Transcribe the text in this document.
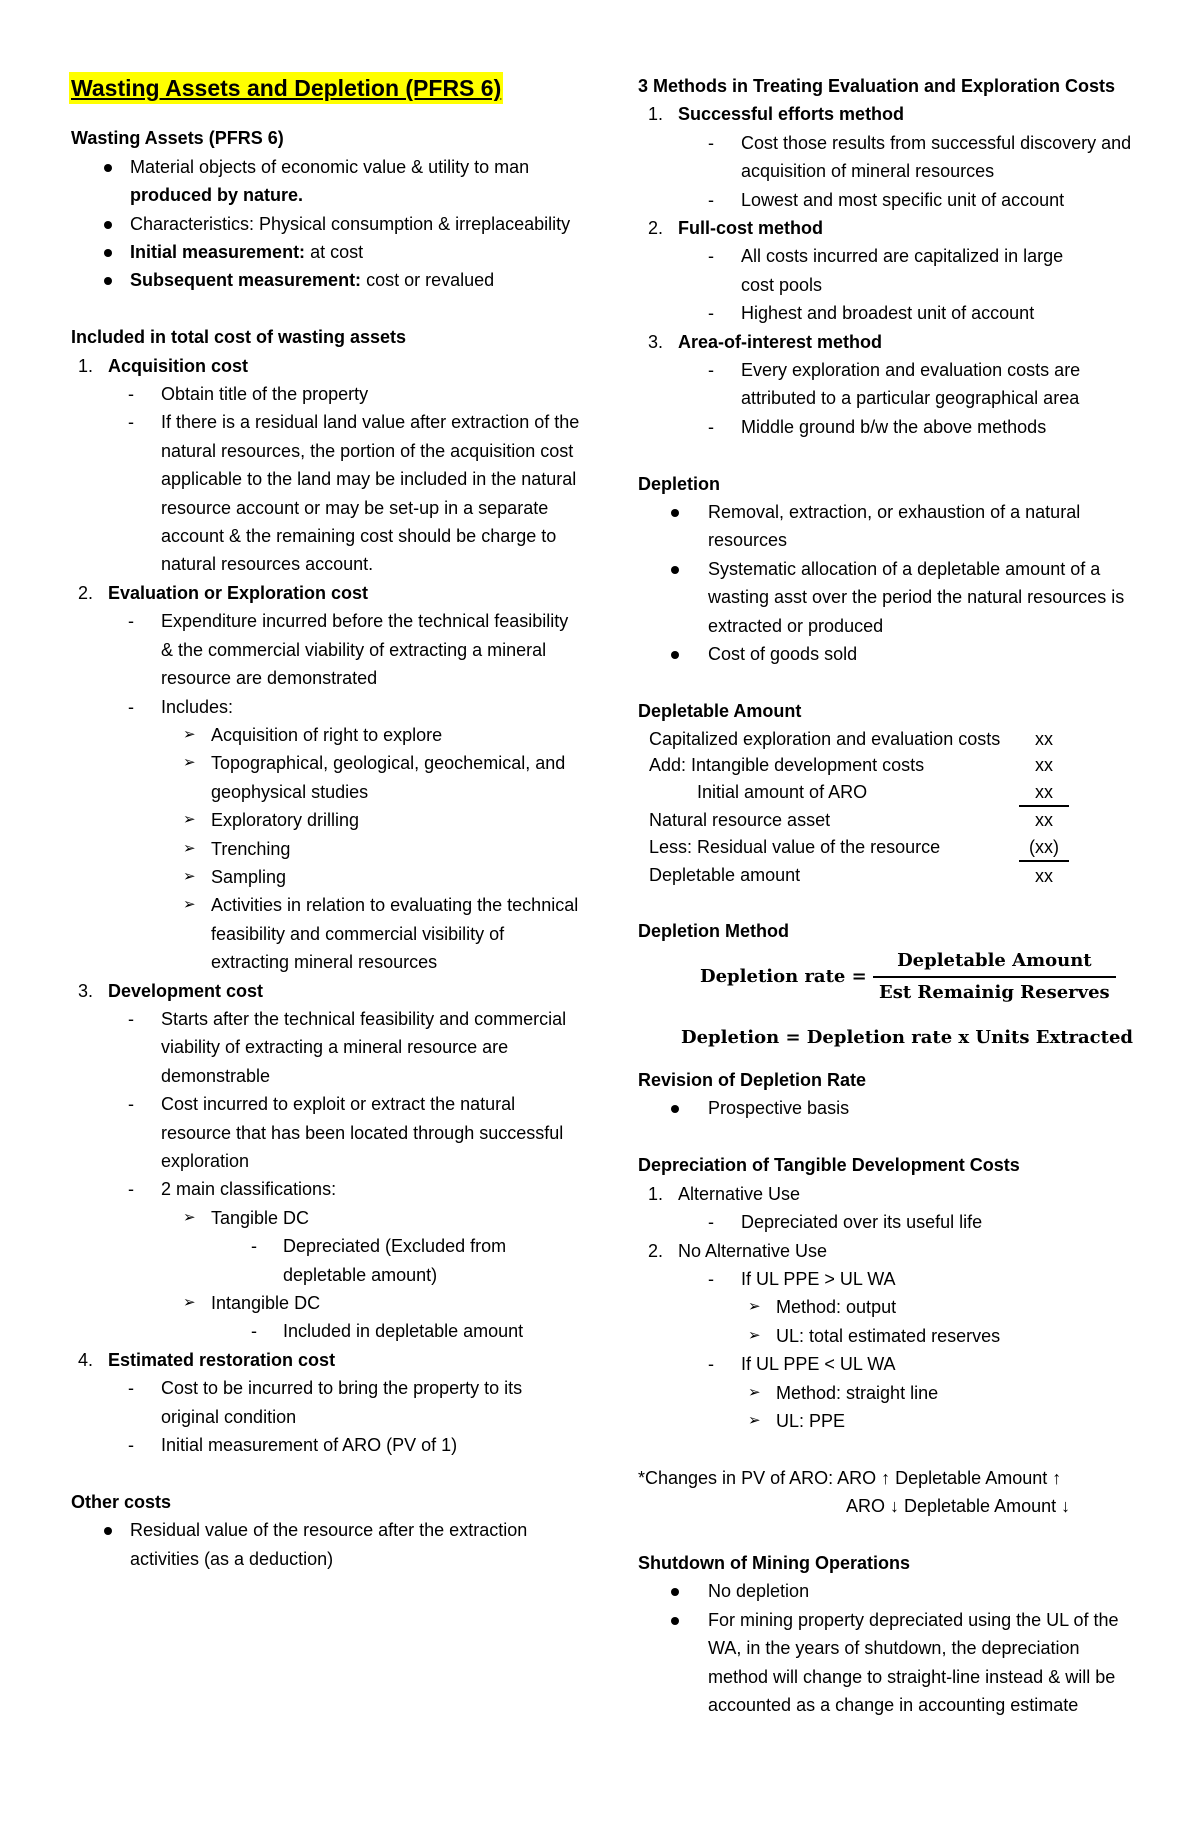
Wasting Assets and Depletion (PFRS 6)
Wasting Assets (PFRS 6)
Material objects of economic value & utility to man produced by nature.
Characteristics: Physical consumption & irreplaceability
Initial measurement: at cost
Subsequent measurement: cost or revalued
Included in total cost of wasting assets
1. Acquisition cost
- Obtain title of the property
- If there is a residual land value after extraction of the natural resources, the portion of the acquisition cost applicable to the land may be included in the natural resource account or may be set-up in a separate account & the remaining cost should be charge to natural resources account.
2. Evaluation or Exploration cost
- Expenditure incurred before the technical feasibility & the commercial viability of extracting a mineral resource are demonstrated
- Includes:
➢ Acquisition of right to explore
➢ Topographical, geological, geochemical, and geophysical studies
➢ Exploratory drilling
➢ Trenching
➢ Sampling
➢ Activities in relation to evaluating the technical feasibility and commercial visibility of extracting mineral resources
3. Development cost
- Starts after the technical feasibility and commercial viability of extracting a mineral resource are demonstrable
- Cost incurred to exploit or extract the natural resource that has been located through successful exploration
- 2 main classifications:
➢ Tangible DC
- Depreciated (Excluded from depletable amount)
➢ Intangible DC
- Included in depletable amount
4. Estimated restoration cost
- Cost to be incurred to bring the property to its original condition
- Initial measurement of ARO (PV of 1)
Other costs
Residual value of the resource after the extraction activities (as a deduction)
3 Methods in Treating Evaluation and Exploration Costs
1. Successful efforts method
- Cost those results from successful discovery and acquisition of mineral resources
- Lowest and most specific unit of account
2. Full-cost method
- All costs incurred are capitalized in large cost pools
- Highest and broadest unit of account
3. Area-of-interest method
- Every exploration and evaluation costs are attributed to a particular geographical area
- Middle ground b/w the above methods
Depletion
Removal, extraction, or exhaustion of a natural resources
Systematic allocation of a depletable amount of a wasting asst over the period the natural resources is extracted or produced
Cost of goods sold
Depletable Amount
Capitalized exploration and evaluation costs	xx
Add: Intangible development costs	xx
Initial amount of ARO	xx
Natural resource asset	xx
Less: Residual value of the resource	(xx)
Depletable amount	xx
Depletion Method
Depletion rate = $\frac{\text{Depletable Amount}}{\text{Est Remainig Reserves}}$
Depletion = Depletion rate x Units Extracted
Revision of Depletion Rate
Prospective basis
Depreciation of Tangible Development Costs
1. Alternative Use
- Depreciated over its useful life
2. No Alternative Use
- If UL PPE > UL WA
➢ Method: output
➢ UL: total estimated reserves
- If UL PPE < UL WA
➢ Method: straight line
➢ UL: PPE
*Changes in PV of ARO: ARO ↑ Depletable Amount ↑
ARO ↓ Depletable Amount ↓
Shutdown of Mining Operations
No depletion
For mining property depreciated using the UL of the WA, in the years of shutdown, the depreciation method will change to straight-line instead & will be accounted as a change in accounting estimate
